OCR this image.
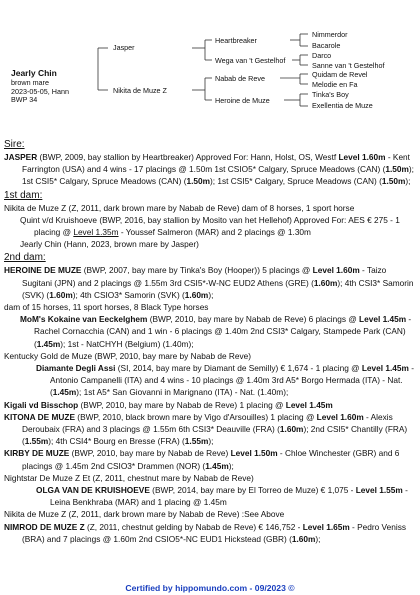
Jearly Chin
brown mare
2023-05-05, Hann
BWP 34
Jasper
Nikita de Muze Z
Heartbreaker
Wega van 't Gestelhof
Nabab de Reve
Heroine de Muze
Nimmerdor
Bacarole
Darco
Sanne van 't Gestelhof
Quidam de Revel
Melodie en Fa
Tinka's Boy
Exellentia de Muze
Sire:
JASPER (BWP, 2009, bay stallion by Heartbreaker) Approved For: Hann, Holst, OS, Westf Level 1.60m - Kent Farrington (USA) and 4 wins - 17 placings @ 1.50m 1st CSIO5* Calgary, Spruce Meadows (CAN) (1.50m); 1st CSI5* Calgary, Spruce Meadows (CAN) (1.50m); 1st CSI5* Calgary, Spruce Meadows (CAN) (1.50m);
1st dam:
Nikita de Muze Z (Z, 2011, dark brown mare by Nabab de Reve) dam of 8 horses, 1 sport horse
Quint v/d Kruishoeve (BWP, 2016, bay stallion by Mosito van het Hellehof) Approved For: AES € 275 - 1 placing @ Level 1.35m - Youssef Salmeron (MAR) and 2 placings @ 1.30m
Jearly Chin (Hann, 2023, brown mare by Jasper)
2nd dam:
HEROINE DE MUZE (BWP, 2007, bay mare by Tinka's Boy (Hooper)) 5 placings @ Level 1.60m - Taizo Sugitani (JPN) and 2 placings @ 1.55m 3rd CSI5*-W-NC EUD2 Athens (GRE) (1.60m); 4th CSI3* Samorin (SVK) (1.60m); 4th CSIO3* Samorin (SVK) (1.60m);
dam of 15 horses, 11 sport horses, 8 Black Type horses
MoM's Kokaine van Eeckelghem (BWP, 2010, bay mare by Nabab de Reve) 6 placings @ Level 1.45m - Rachel Cornacchia (CAN) and 1 win - 6 placings @ 1.40m 2nd CSI3* Calgary, Stampede Park (CAN) (1.45m); 1st - NatCHYH (Belgium) (1.40m);
Kentucky Gold de Muze (BWP, 2010, bay mare by Nabab de Reve)
Diamante Degli Assi (SI, 2014, bay mare by Diamant de Semilly) € 1,674 - 1 placing @ Level 1.45m - Antonio Campanelli (ITA) and 4 wins - 10 placings @ 1.40m 3rd A5* Borgo Hermada (ITA) - Nat. (1.45m); 1st A5* San Giovanni in Marignano (ITA) - Nat. (1.40m);
Kigali vd Bisschop (BWP, 2010, bay mare by Nabab de Reve) 1 placing @ Level 1.45m
KITONA DE MUZE (BWP, 2010, black brown mare by Vigo d'Arsouilles) 1 placing @ Level 1.60m - Alexis Deroubaix (FRA) and 3 placings @ 1.55m 6th CSI3* Deauville (FRA) (1.60m); 2nd CSI5* Chantilly (FRA) (1.55m); 4th CSI4* Bourg en Bresse (FRA) (1.55m);
KIRBY DE MUZE (BWP, 2010, bay mare by Nabab de Reve) Level 1.50m - Chloe Winchester (GBR) and 6 placings @ 1.45m 2nd CSIO3* Drammen (NOR) (1.45m);
Nightstar De Muze Z Et (Z, 2011, chestnut mare by Nabab de Reve)
OLGA VAN DE KRUISHOEVE (BWP, 2014, bay mare by El Torreo de Muze) € 1,075 - Level 1.55m - Leina Benkhraba (MAR) and 1 placing @ 1.45m
Nikita de Muze Z (Z, 2011, dark brown mare by Nabab de Reve) :See Above
NIMROD DE MUZE Z (Z, 2011, chestnut gelding by Nabab de Reve) € 146,752 - Level 1.65m - Pedro Veniss (BRA) and 7 placings @ 1.60m 2nd CSIO5*-NC EUD1 Hickstead (GBR) (1.60m);
Certified by hippomundo.com - 09/2023 ©
